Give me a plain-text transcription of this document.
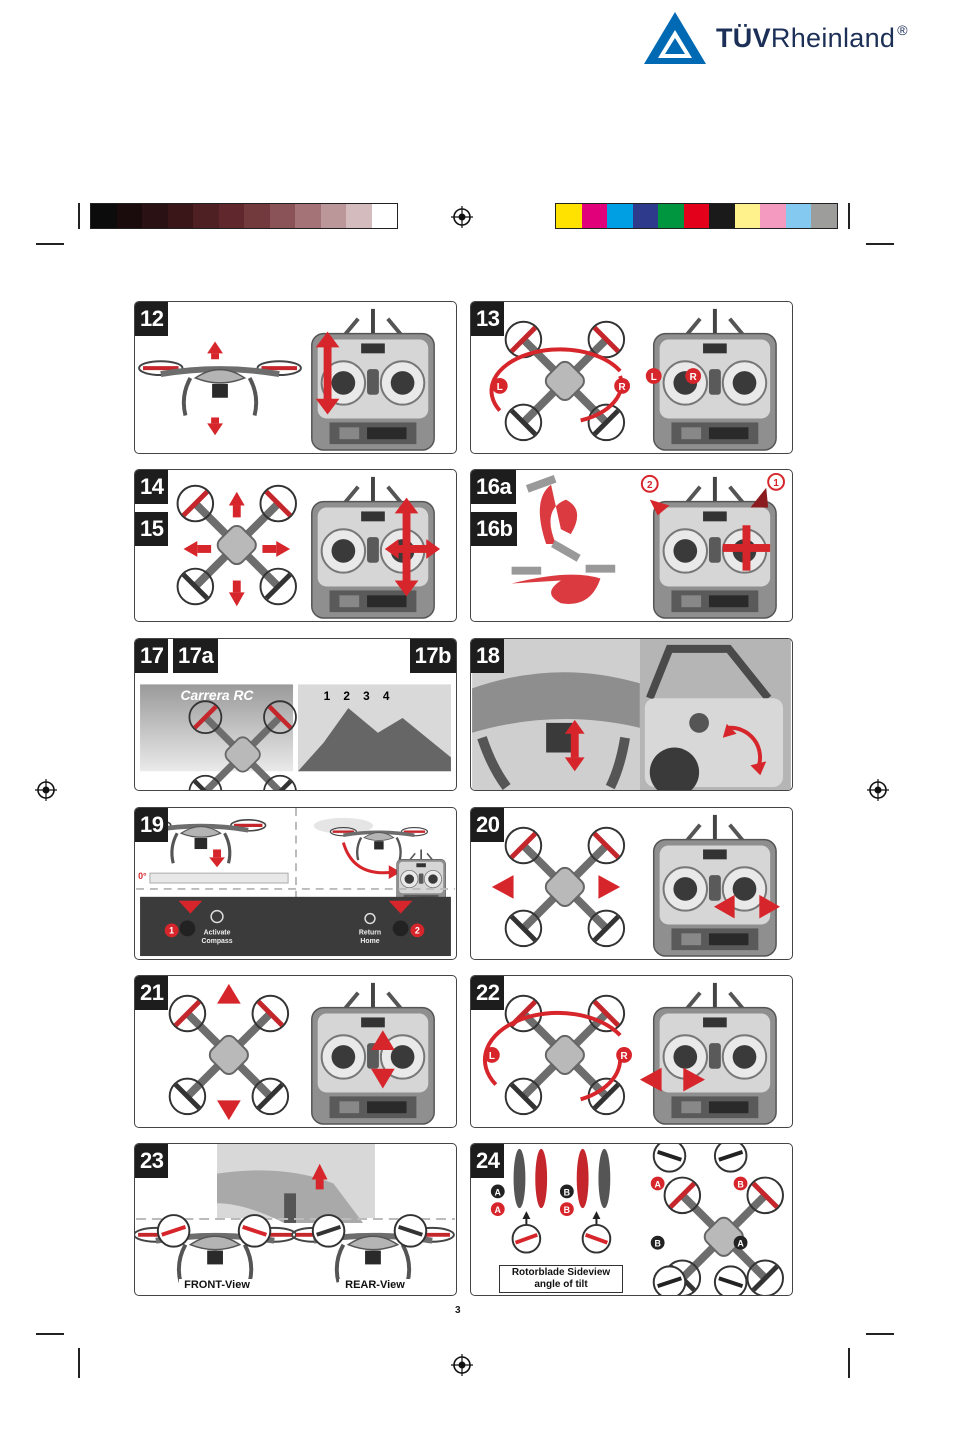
TÜVRheinland ®
12
L	R
L	R
13
14
15
2	1
16a
16b
Carrera RC	1 2 3 4
17 17a	17b 18
0°
1	Activate
Compass
2
Return
Home
19	20
21
L	R
22
23
FRONT-View	REAR-View
A
A
B
B
A	B
B	A
24
Rotorblade Sideview
angle of tilt
3
